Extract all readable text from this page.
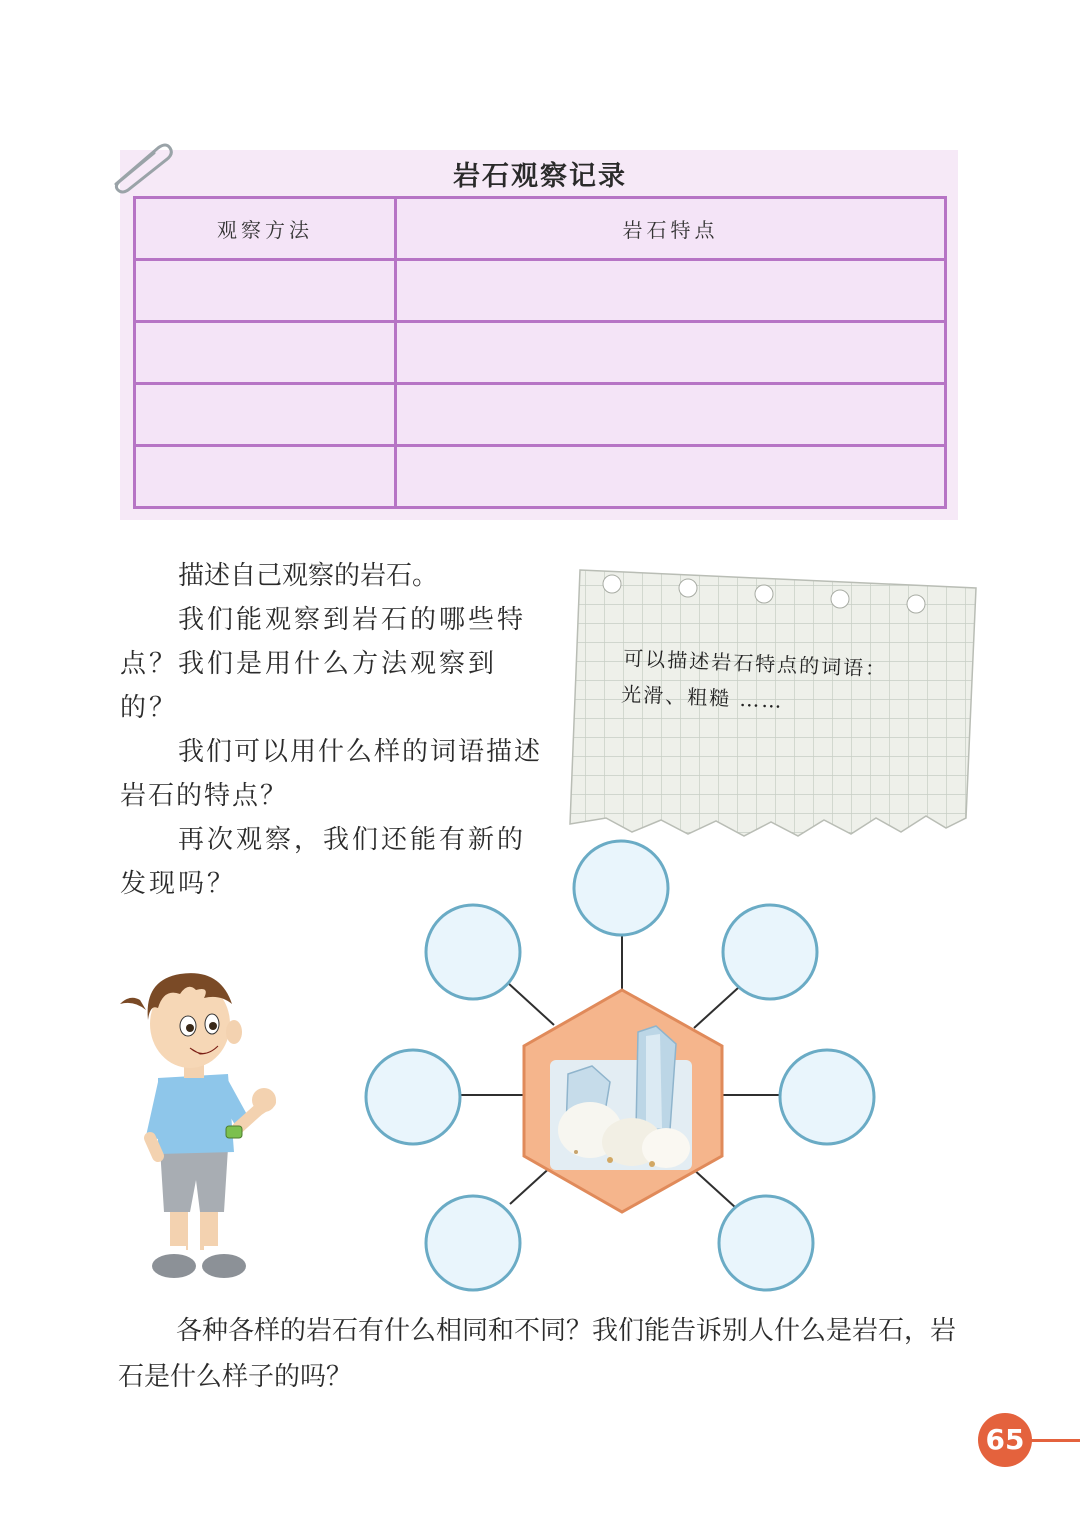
岩石观察记录
观察方法	岩石特点

描述自己观察的岩石。
我们能观察到岩石的哪些特点？我们是用什么方法观察到的？
我们可以用什么样的词语描述岩石的特点？
再次观察，我们还能有新的发现吗？
可以描述岩石特点的词语：
光滑、粗糙 ……
各种各样的岩石有什么相同和不同？我们能告诉别人什么是岩石，岩石是什么样子的吗？
65
